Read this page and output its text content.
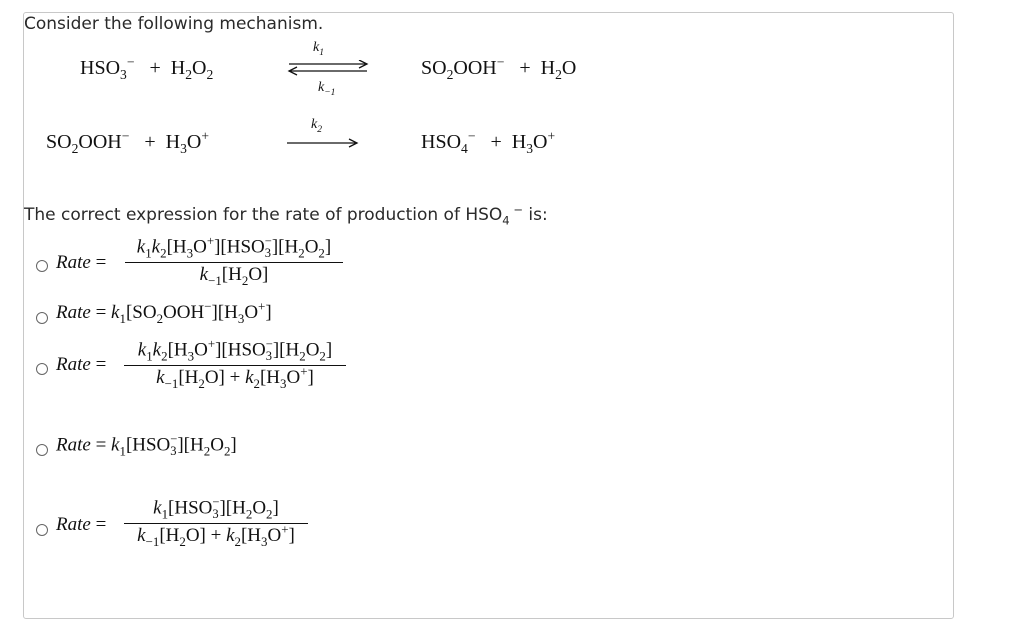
Consider the following mechanism.
$HSO_3^- + H_2O_2$
$k_1$
$k_{-1}$
$SO_2OOH^- + H_2O$
$SO_2OOH^- + H_3O^+$
$k_2$
$HSO_4^- + H_3O^+$
The correct expression for the rate of production of $HSO_4$ − is:
Rate =
$k_1k_2[H_3O^+][HSO$ −
3 ]$[H_2O_2]$
$k_{-1}[H_2O]$
Rate = $k_1[SO_2OOH^-][H_3O^+]$
Rate =
$k_1k_2[H_3O^+][HSO$ −
3 ]$[H_2O_2]$
$k_{-1}[H_2O] + k_2[H_3O^+]$
Rate = $k_1[HSO$ −
3 ]$[H_2O_2]$
Rate =
$k_1[HSO$ −
3 ]$[H_2O_2]$
$k_{-1}[H_2O] + k_2[H_3O^+]$
